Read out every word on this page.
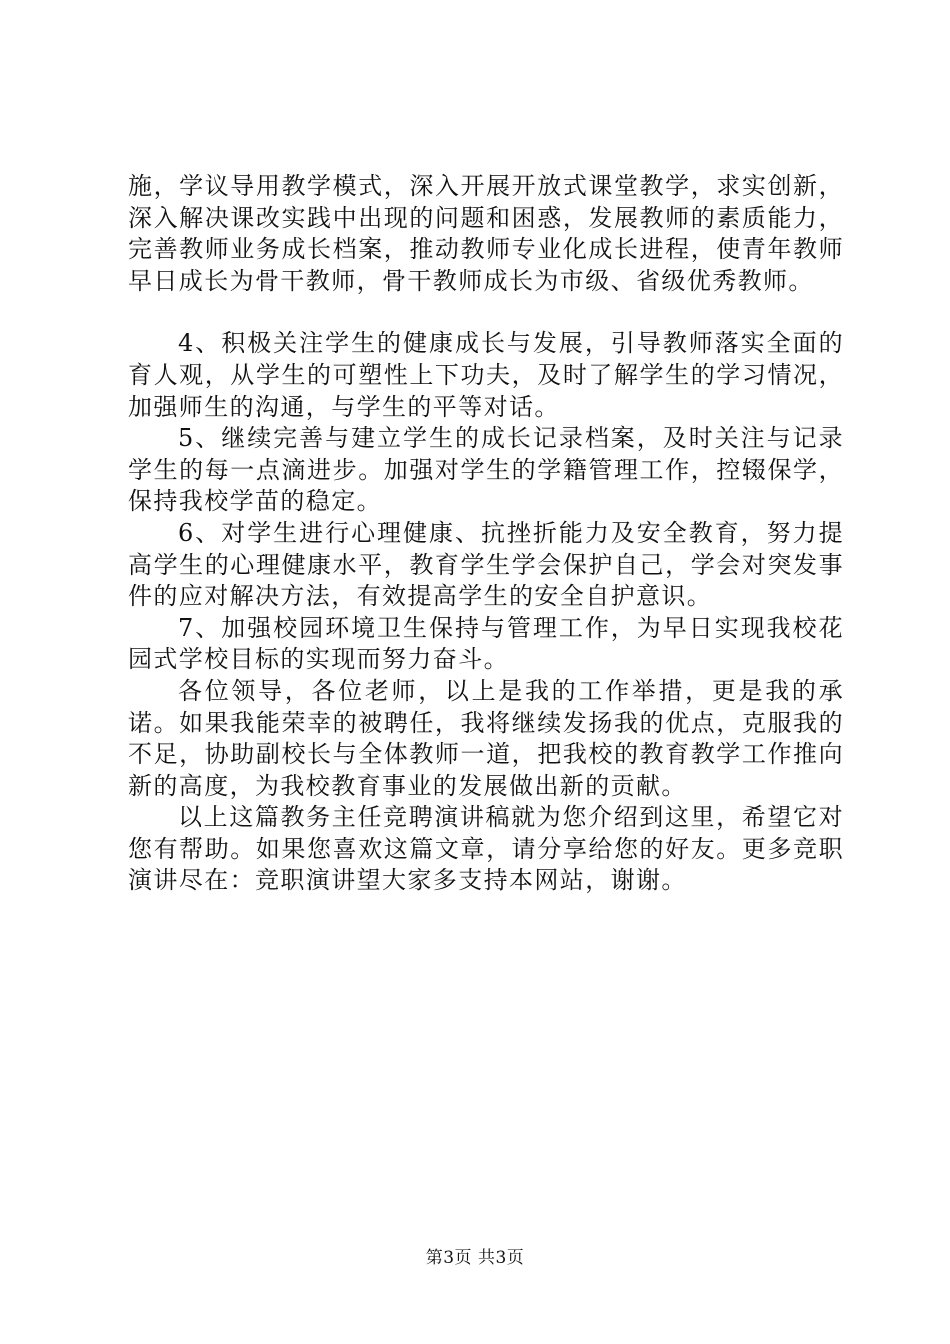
施，学议导用教学模式，深入开展开放式课堂教学，求实创新，深入解决课改实践中出现的问题和困惑，发展教师的素质能力，完善教师业务成长档案，推动教师专业化成长进程，使青年教师早日成长为骨干教师，骨干教师成长为市级、省级优秀教师。

4、积极关注学生的健康成长与发展，引导教师落实全面的育人观，从学生的可塑性上下功夫，及时了解学生的学习情况，加强师生的沟通，与学生的平等对话。

5、继续完善与建立学生的成长记录档案，及时关注与记录学生的每一点滴进步。加强对学生的学籍管理工作，控辍保学，保持我校学苗的稳定。

6、对学生进行心理健康、抗挫折能力及安全教育，努力提高学生的心理健康水平，教育学生学会保护自己，学会对突发事件的应对解决方法，有效提高学生的安全自护意识。

7、加强校园环境卫生保持与管理工作，为早日实现我校花园式学校目标的实现而努力奋斗。

各位领导，各位老师，以上是我的工作举措，更是我的承诺。如果我能荣幸的被聘任，我将继续发扬我的优点，克服我的不足，协助副校长与全体教师一道，把我校的教育教学工作推向新的高度，为我校教育事业的发展做出新的贡献。

以上这篇教务主任竞聘演讲稿就为您介绍到这里，希望它对您有帮助。如果您喜欢这篇文章，请分享给您的好友。更多竞职演讲尽在：竞职演讲望大家多支持本网站，谢谢。

第3页 共3页
